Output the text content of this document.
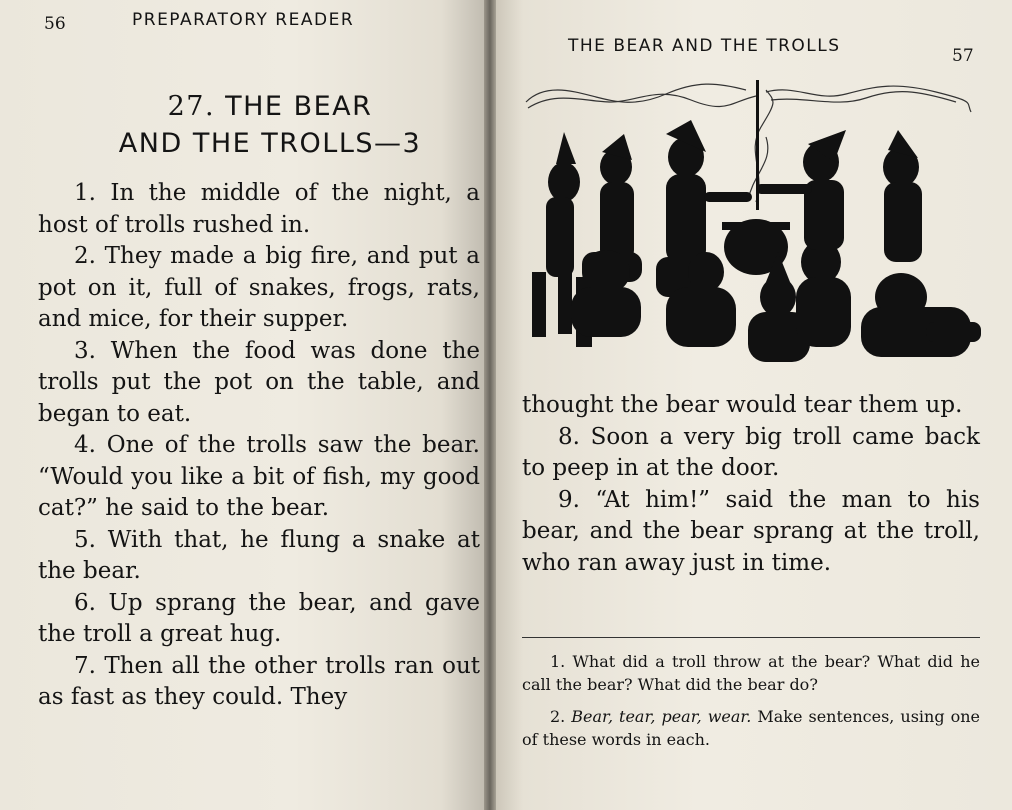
56	PREPARATORY READER
27. THE BEAR
AND THE TROLLS—3

1. In the middle of the night, a host of trolls rushed in.

2. They made a big fire, and put a pot on it, full of snakes, frogs, rats, and mice, for their supper.

3. When the food was done the trolls put the pot on the table, and began to eat.

4. One of the trolls saw the bear. “Would you like a bit of fish, my good cat?” he said to the bear.

5. With that, he flung a snake at the bear.

6. Up sprang the bear, and gave the troll a great hug.

7. Then all the other trolls ran out as fast as they could. They

THE BEAR AND THE TROLLS	57

thought the bear would tear them up.

8. Soon a very big troll came back to peep in at the door.

9. “At him!” said the man to his bear, and the bear sprang at the troll, who ran away just in time.

1. What did a troll throw at the bear? What did he call the bear? What did the bear do?

2. Bear, tear, pear, wear. Make sentences, using one of these words in each.
